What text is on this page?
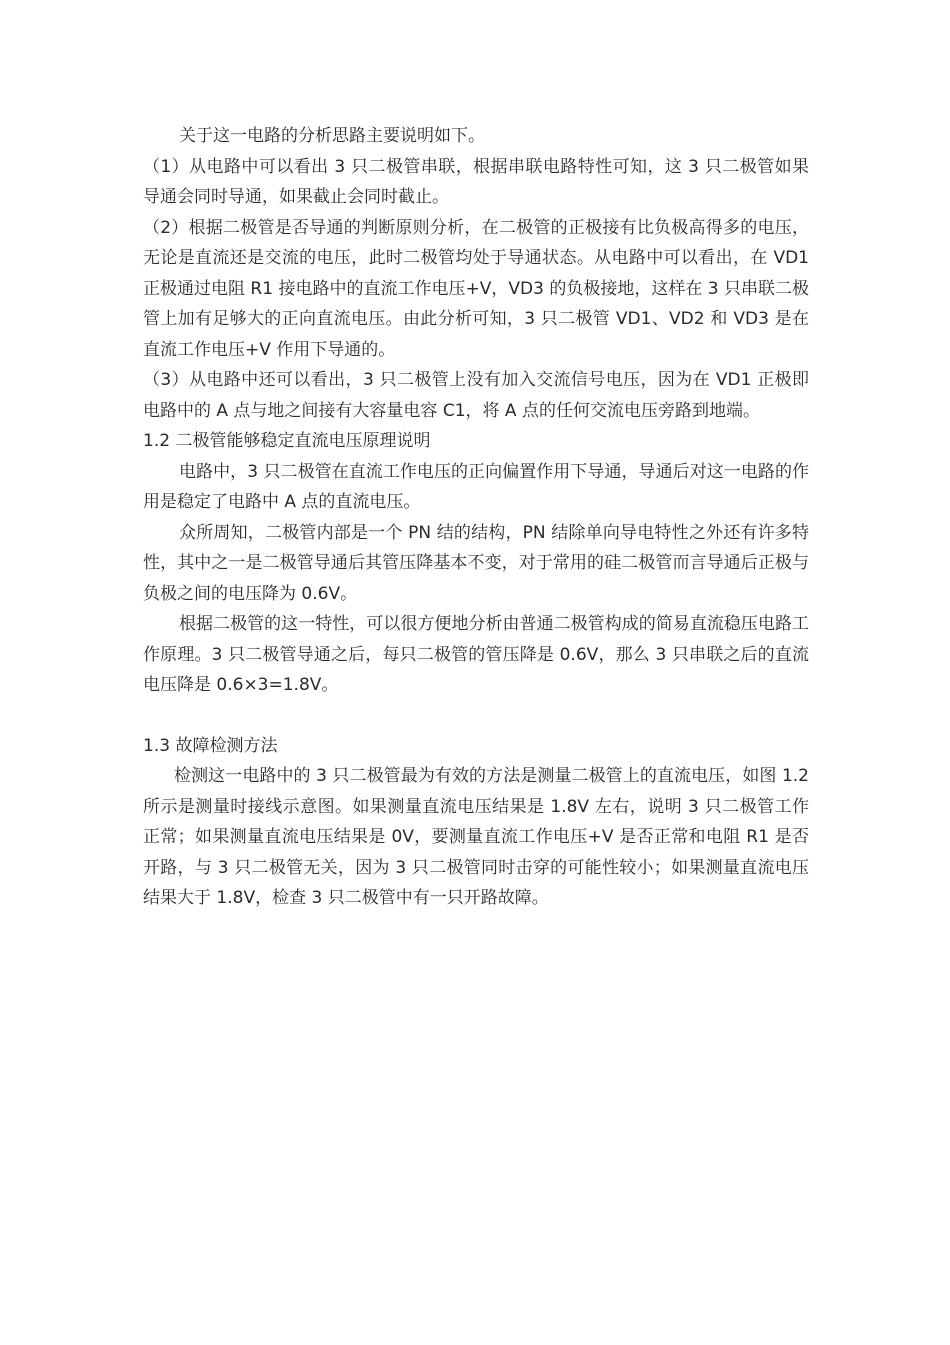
关于这一电路的分析思路主要说明如下。

（1）从电路中可以看出 3 只二极管串联，根据串联电路特性可知，这 3 只二极管如果导通会同时导通，如果截止会同时截止。

（2）根据二极管是否导通的判断原则分析，在二极管的正极接有比负极高得多的电压，无论是直流还是交流的电压，此时二极管均处于导通状态。从电路中可以看出，在 VD1 正极通过电阻 R1 接电路中的直流工作电压+V，VD3 的负极接地，这样在 3 只串联二极管上加有足够大的正向直流电压。由此分析可知，3 只二极管 VD1、VD2 和 VD3 是在直流工作电压+V 作用下导通的。

（3）从电路中还可以看出，3 只二极管上没有加入交流信号电压，因为在 VD1 正极即电路中的 A 点与地之间接有大容量电容 C1，将 A 点的任何交流电压旁路到地端。

1.2 二极管能够稳定直流电压原理说明

电路中，3 只二极管在直流工作电压的正向偏置作用下导通，导通后对这一电路的作用是稳定了电路中 A 点的直流电压。

众所周知，二极管内部是一个 PN 结的结构，PN 结除单向导电特性之外还有许多特性，其中之一是二极管导通后其管压降基本不变，对于常用的硅二极管而言导通后正极与负极之间的电压降为 0.6V。

根据二极管的这一特性，可以很方便地分析由普通二极管构成的简易直流稳压电路工作原理。3 只二极管导通之后，每只二极管的管压降是 0.6V，那么 3 只串联之后的直流电压降是 0.6×3=1.8V。

1.3 故障检测方法

检测这一电路中的 3 只二极管最为有效的方法是测量二极管上的直流电压，如图 1.2 所示是测量时接线示意图。如果测量直流电压结果是 1.8V 左右，说明 3 只二极管工作正常；如果测量直流电压结果是 0V，要测量直流工作电压+V 是否正常和电阻 R1 是否开路，与 3 只二极管无关，因为 3 只二极管同时击穿的可能性较小；如果测量直流电压结果大于 1.8V，检查 3 只二极管中有一只开路故障。
